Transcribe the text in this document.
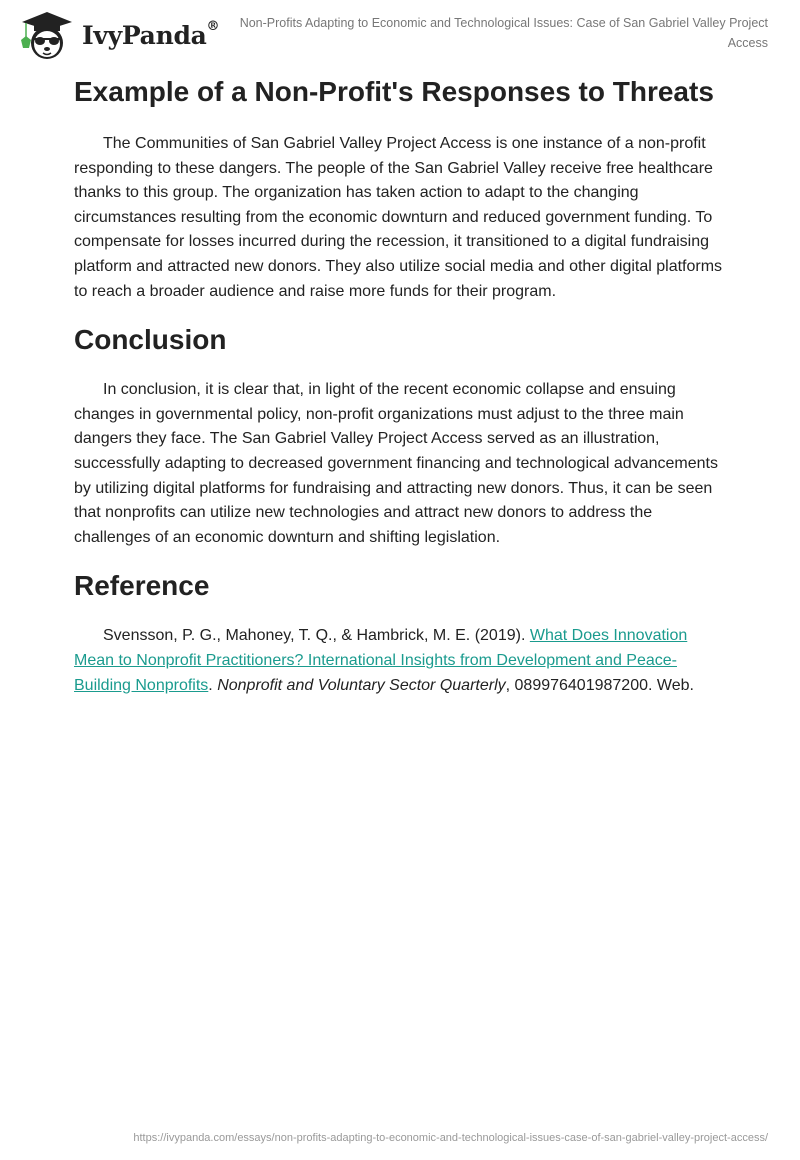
IvyPanda®	Non-Profits Adapting to Economic and Technological Issues: Case of San Gabriel Valley Project Access
Example of a Non-Profit's Responses to Threats

The Communities of San Gabriel Valley Project Access is one instance of a non-profit responding to these dangers. The people of the San Gabriel Valley receive free healthcare thanks to this group. The organization has taken action to adapt to the changing circumstances resulting from the economic downturn and reduced government funding. To compensate for losses incurred during the recession, it transitioned to a digital fundraising platform and attracted new donors. They also utilize social media and other digital platforms to reach a broader audience and raise more funds for their program.

Conclusion

In conclusion, it is clear that, in light of the recent economic collapse and ensuing changes in governmental policy, non-profit organizations must adjust to the three main dangers they face. The San Gabriel Valley Project Access served as an illustration, successfully adapting to decreased government financing and technological advancements by utilizing digital platforms for fundraising and attracting new donors. Thus, it can be seen that nonprofits can utilize new technologies and attract new donors to address the challenges of an economic downturn and shifting legislation.

Reference

Svensson, P. G., Mahoney, T. Q., & Hambrick, M. E. (2019). What Does Innovation Mean to Nonprofit Practitioners? International Insights from Development and Peace-Building Nonprofits. Nonprofit and Voluntary Sector Quarterly, 089976401987200. Web.

https://ivypanda.com/essays/non-profits-adapting-to-economic-and-technological-issues-case-of-san-gabriel-valley-project-access/
